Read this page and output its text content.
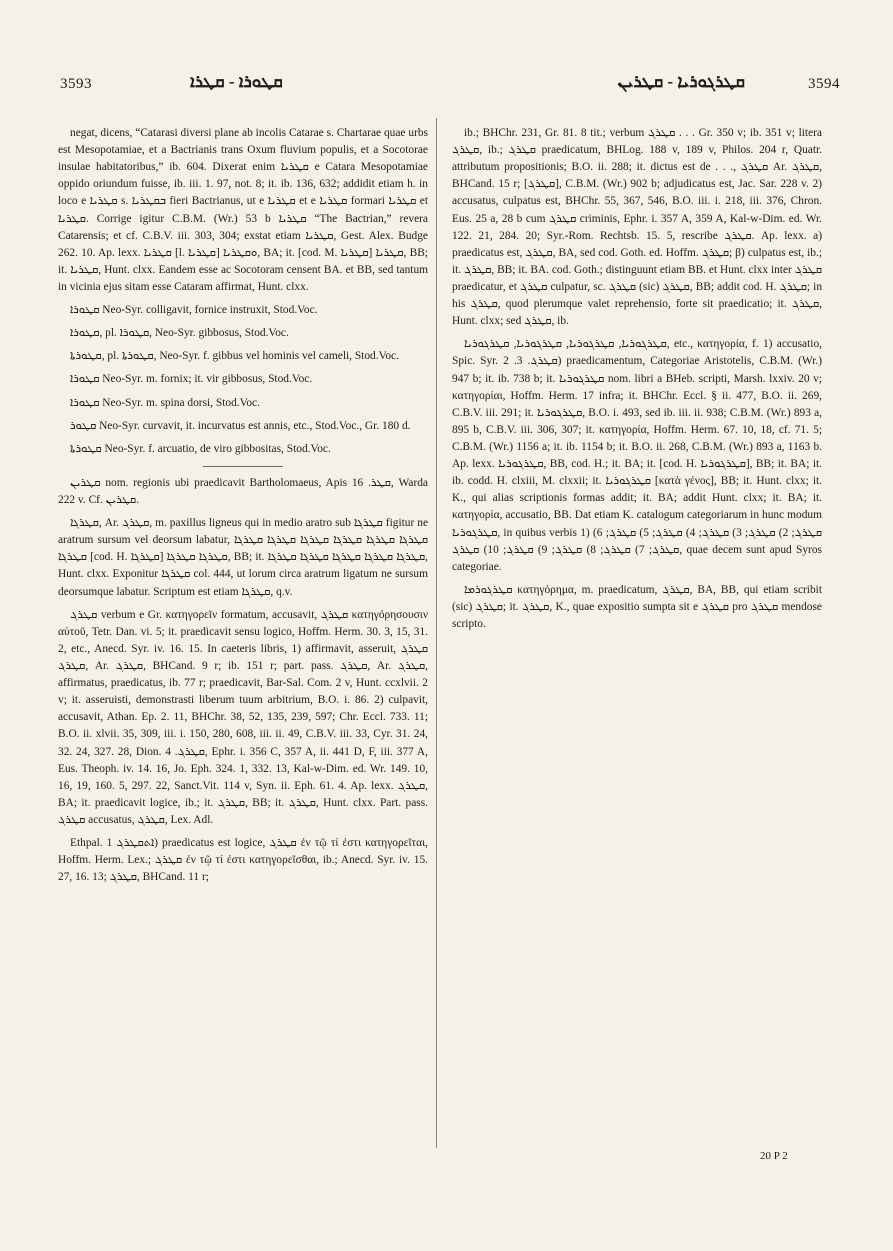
3593	ܩܛܘܪܐ - ܩܛܪܐ	ܩܛܪܓܘܪܝܐ - ܩܛܪܝܢ	3594

negat, dicens, “Catarasi diversi plane ab incolis Catarae s. Chartarae quae urbs est Mesopotamiae, et a Bactrianis trans Oxum fluvium populis, et a Socotorae insulae habitatoribus,” ib. 604. Dixerat enim ܩܛܪܝܐ e Catara Mesopotamiae oppido oriundum fuisse, ib. iii. 1. 97, not. 8; it. ib. 136, 632; addidit etiam h. in loco e ܩܛܪܝܐ s. ܒܩܛܪܝܐ fieri Bactrianus, ut e ܩܛܪܝܐ et e ܩܛܪܝܐ formari ܩܛܪܝܐ et ܩܛܪܝܐ. Corrige igitur C.B.M. (Wr.) 53 b ܩܛܪܝܐ “The Bactrian,” revera Catarensis; et cf. C.B.V. iii. 303, 304; exstat etiam ܩܛܪܝܐ, Gest. Alex. Budge 262. 10. Ap. lexx. ܩܛܪܝܐ [l. ܩܛܪܝܐ] ܘܩܛܪܝܐ, BA; it. [cod. M. ܩܛܪܝܐ] ܩܛܪܝܐ, BB; it. ܩܛܪܝܐ, Hunt. clxx. Eandem esse ac Socotoram censent BA. et BB, sed tantum in vicinia ejus sitam esse Cataram affirmat, Hunt. clxx.

ܩܛܘܪܐ Neo-Syr. colligavit, fornice instruxit, Stod.Voc.

ܩܛܘܪܐ, pl. ܩܛܘܪܐ, Neo-Syr. gibbosus, Stod.Voc.

ܩܛܘܪܬܐ, pl. ܩܛܘܪܬܐ, Neo-Syr. f. gibbus vel hominis vel cameli, Stod.Voc.

ܩܛܘܪܐ Neo-Syr. m. fornix; it. vir gibbosus, Stod.Voc.

ܩܛܘܪܐ Neo-Syr. m. spina dorsi, Stod.Voc.

ܩܛܘܪ Neo-Syr. curvavit, it. incurvatus est annis, etc., Stod.Voc., Gr. 180 d.

ܩܛܘܪܬܐ Neo-Syr. f. arcuatio, de viro gibbositas, Stod.Voc.

ܩܛܪܝܢ nom. regionis ubi praedicavit Bartholomaeus, Apis ܩܛܪ. 16, Warda 222 v. Cf. ܩܛܪܝܢ.

ܩܛܪܓܐ, Ar. ܩܛܪܓ, m. paxillus ligneus qui in medio aratro sub ܩܛܪܓܐ figitur ne aratrum sursum vel deorsum labatur, ܩܛܪܓܐ ܩܛܪܓܐ ܩܛܪܓܐ ܩܛܪܓܐ ܩܛܪܓܐ ܩܛܪܓܐ ܩܛܪܓܐ [cod. H. ܩܛܪܓܐ] ܩܛܪܓܐ ܩܛܪܓܐ, BB; it. ܩܛܪܓܐ ܩܛܪܓܐ ܩܛܪܓܐ ܩܛܪܓܐ ܩܛܪܓܐ, Hunt. clxx. Exponitur ܩܛܪܓܐ col. 444, ut lorum circa aratrum ligatum ne sursum deorsumque labatur. Scriptum est etiam ܩܛܪܓܐ, q.v.

ܩܛܪܓ verbum e Gr. κατηγορεῖν formatum, accusavit, ܩܛܪܓ κατηγόρησουσιν αὐτοῦ, Tetr. Dan. vi. 5; it. praedicavit sensu logico, Hoffm. Herm. 30. 3, 15, 31. 2, etc., Anecd. Syr. iv. 16. 15. In caeteris libris, 1) affirmavit, asseruit, ܩܛܪܓ ܩܛܪܓ, Ar. ܩܛܪܓ, BHCand. 9 r; ib. 151 r; part. pass. ܩܛܪܓ, Ar. ܩܛܪܓ, affirmatus, praedicatus, ib. 77 r; praedicavit, Bar-Sal. Com. 2 v, Hunt. ccxlvii. 2 v; it. asseruisti, demonstrasti liberum tuum arbitrium, B.O. i. 86. 2) culpavit, accusavit, Athan. Ep. 2. 11, BHChr. 38, 52, 135, 239, 597; Chr. Eccl. 733. 11; B.O. ii. xlvii. 35, 309, iii. i. 150, 280, 608, iii. ii. 49, C.B.V. iii. 33, Cyr. 31. 24, 32. 24, 327. 28, Dion. ܩܛܪܓ. 4, Ephr. i. 356 C, 357 A, ii. 441 D, F, iii. 377 A, Eus. Theoph. iv. 14. 16, Jo. Eph. 324. 1, 332. 13, Kal-w-Dim. ed. Wr. 149. 10, 16, 19, 160. 5, 297. 22, Sanct.Vit. 114 v, Syn. ii. Eph. 61. 4. Ap. lexx. ܩܛܪܓ, BA; it. praedicavit logice, ib.; it. ܩܛܪܓ, BB; it. ܩܛܪܓ, Hunt. clxx. Part. pass. ܩܛܪܓ accusatus, ܩܛܪܓ, Lex. Adl.

Ethpal. ܐܬܩܛܪܓ 1) praedicatus est logice, ܩܛܪܓ ἐν τῷ τί ἐστι κατηγορεῖται, Hoffm. Herm. Lex.; ܩܛܪܓ ἐν τῷ τί ἐστι κατηγορεῖσθαι, ib.; Anecd. Syr. iv. 15. 27, 16. 13; ܩܛܪܓ, BHCand. 11 r;

ib.; BHChr. 231, Gr. 81. 8 tit.; verbum ܩܛܪܓ . . . Gr. 350 v; ib. 351 v; litera ܩܛܪܓ, ib.; ܩܛܪܓ praedicatum, BHLog. 188 v, 189 v, Philos. 204 r, Quatr. attributum propositionis; B.O. ii. 288; it. dictus est de . . ., ܩܛܪܓ Ar. ܩܛܪܓ, BHCand. 15 r; [ܩܛܪܓ], C.B.M. (Wr.) 902 b; adjudicatus est, Jac. Sar. 228 v. 2) accusatus, culpatus est, BHChr. 55, 367, 546, B.O. iii. i. 218, iii. 376, Chron. Eus. 25 a, 28 b cum ܩܛܪܓ criminis, Ephr. i. 357 A, 359 A, Kal-w-Dim. ed. Wr. 122. 21, 284. 20; Syr.-Rom. Rechtsb. 15. 5, rescribe ܩܛܪܓ. Ap. lexx. a) praedicatus est, ܩܛܪܓ, BA, sed cod. Goth. ed. Hoffm. ܩܛܪܓ; β) culpatus est, ib.; it. ܩܛܪܓ, BB; it. BA. cod. Goth.; distinguunt etiam BB. et Hunt. clxx inter ܩܛܪܓ praedicatur, et ܩܛܪܓ culpatur, sc. ܩܛܪܓ (sic) ܩܛܪܓ, BB; addit cod. H. ܩܛܪܓ; in his ܩܛܪܓ, quod plerumque valet reprehensio, forte sit praedicatio; it. ܩܛܪܓ, Hunt. clxx; sed ܩܛܪܓ, ib.

ܩܛܪܓܘܪܝܐ, ܩܛܪܓܘܪܝܐ, ܩܛܪܓܘܪܝܐ, ܩܛܪܓܘܪܝܐ, etc., κατηγορία, f. 1) accusatio, Spic. Syr. ܩܛܪܓ. 3. 2) praedicamentum, Categoriae Aristotelis, C.B.M. (Wr.) 947 b; it. ib. 738 b; it. ܩܛܪܓܘܪܝܐ nom. libri a BHeb. scripti, Marsh. lxxiv. 20 v; κατηγορίαι, Hoffm. Herm. 17 infra; it. BHChr. Eccl. § ii. 477, B.O. ii. 269, C.B.V. iii. 291; it. ܩܛܪܓܘܪܝܐ, B.O. i. 493, sed ib. iii. ii. 938; C.B.M. (Wr.) 893 a, 895 b, C.B.V. iii. 306, 307; it. κατηγορία, Hoffm. Herm. 67. 10, 18, cf. 71. 5; C.B.M. (Wr.) 1156 a; it. ib. 1154 b; it. B.O. ii. 268, C.B.M. (Wr.) 893 a, 1163 b. Ap. lexx. ܩܛܪܓܘܪܝܐ, BB, cod. H.; it. BA; it. [cod. H. ܩܛܪܓܘܪܝܐ], BB; it. BA; it. ib. codd. H. clxiii, M. clxxii; it. ܩܛܪܓܘܪܝܐ [κατὰ γένος], BB; it. Hunt. clxx; it. K., qui alias scriptionis formas addit; it. BA; addit Hunt. clxx; it. BA; it. κατηγορία, accusatio, BB. Dat etiam K. catalogum categoriarum in hunc modum ܩܛܪܓܘܪܝܐ, in quibus verbis 1) ܩܛܪܓ; 2) ܩܛܪܓ; 3) ܩܛܪܓ; 4) ܩܛܪܓ; 5) ܩܛܪܓ; 6) ܩܛܪܓ; 7) ܩܛܪܓ; 8) ܩܛܪܓ; 9) ܩܛܪܓ; 10) ܩܛܪܓ, quae decem sunt apud Syros categoriae.

ܩܛܪܓܘܪܡܐ κατηγόρημα, m. praedicatum, ܩܛܪܓ, BA, BB, qui etiam scribit (sic) ܩܛܪܓ; it. ܩܛܪܓ, K., quae expositio sumpta sit e ܩܛܪܓ pro ܩܛܪܓ mendose scripto.

20 P 2
